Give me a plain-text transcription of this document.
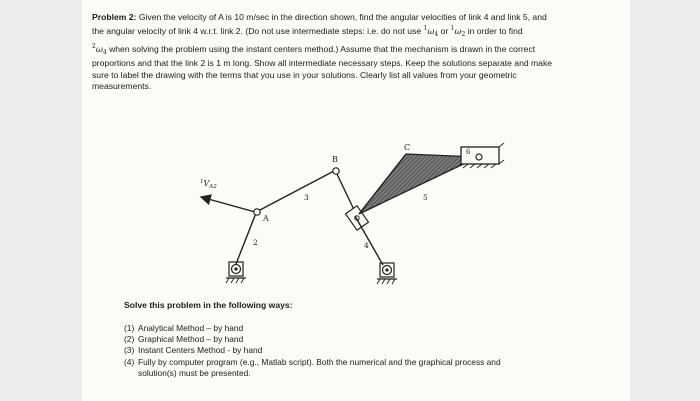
Problem 2: Given the velocity of A is 10 m/sec in the direction shown, find the angular velocities of link 4 and link 5, and
the angular velocity of link 4 w.r.t. link 2. (Do not use intermediate steps: i.e. do not use $^1\omega_4$ or $^1\omega_2$ in order to find
$^2\omega_4$ when solving the problem using the instant centers method.) Assume that the mechanism is drawn in the correct
proportions and that the link 2 is 1 m long. Show all intermediate necessary steps. Keep the solutions separate and make
sure to label the drawing with the terms that you use in your solutions. Clearly list all values from your geometric
measurements.
$^1V_{A2}$
A
B
C
2
3
4
5
6
Solve this problem in the following ways:
(1) Analytical Method – by hand
(2) Graphical Method – by hand
(3) Instant Centers Method - by hand
(4) Fully by computer program (e.g., Matlab script). Both the numerical and the graphical process and
solution(s) must be presented.
